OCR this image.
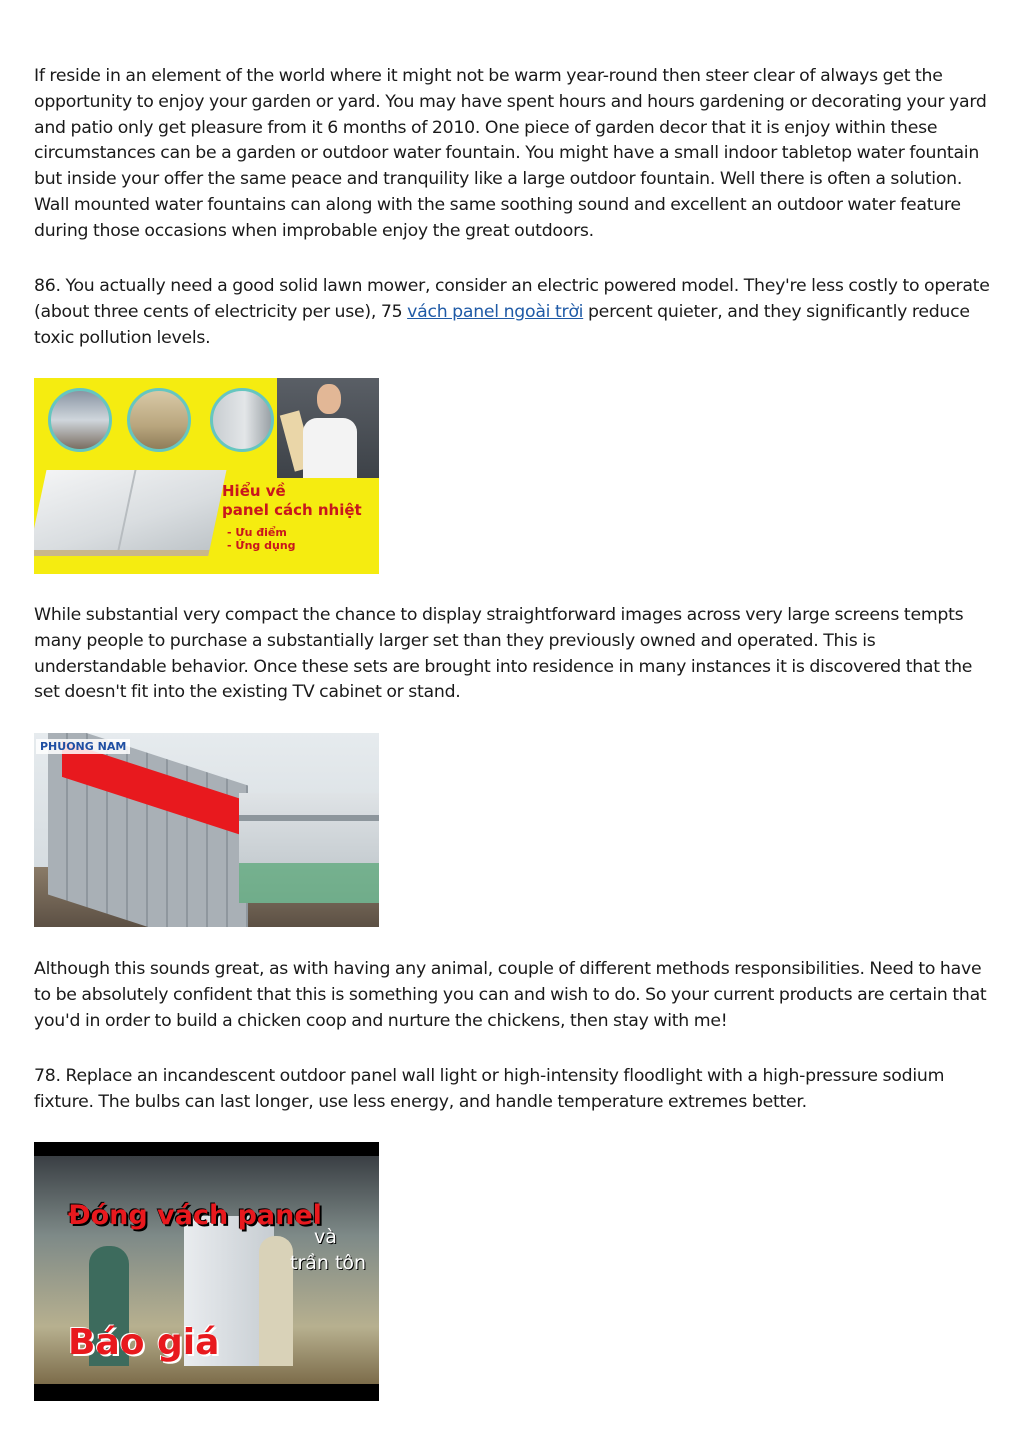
If reside in an element of the world where it might not be warm year-round then steer clear of always get the opportunity to enjoy your garden or yard. You may have spent hours and hours gardening or decorating your yard and patio only get pleasure from it 6 months of 2010. One piece of garden decor that it is enjoy within these circumstances can be a garden or outdoor water fountain. You might have a small indoor tabletop water fountain but inside your offer the same peace and tranquility like a large outdoor fountain. Well there is often a solution. Wall mounted water fountains can along with the same soothing sound and excellent an outdoor water feature during those occasions when improbable enjoy the great outdoors.

86. You actually need a good solid lawn mower, consider an electric powered model. They're less costly to operate (about three cents of electricity per use), 75 vách panel ngoài trời percent quieter, and they significantly reduce toxic pollution levels.

Hiểu về
panel cách nhiệt
- Ưu điểm
- Ứng dụng

While substantial very compact the chance to display straightforward images across very large screens tempts many people to purchase a substantially larger set than they previously owned and operated. This is understandable behavior. Once these sets are brought into residence in many instances it is discovered that the set doesn't fit into the existing TV cabinet or stand.

PHUONG NAM

Although this sounds great, as with having any animal, couple of different methods responsibilities. Need to have to be absolutely confident that this is something you can and wish to do. So your current products are certain that you'd in order to build a chicken coop and nurture the chickens, then stay with me!

78. Replace an incandescent outdoor panel wall light or high-intensity floodlight with a high-pressure sodium fixture. The bulbs can last longer, use less energy, and handle temperature extremes better.

Đóng vách panel
và
trần tôn
Báo giá
